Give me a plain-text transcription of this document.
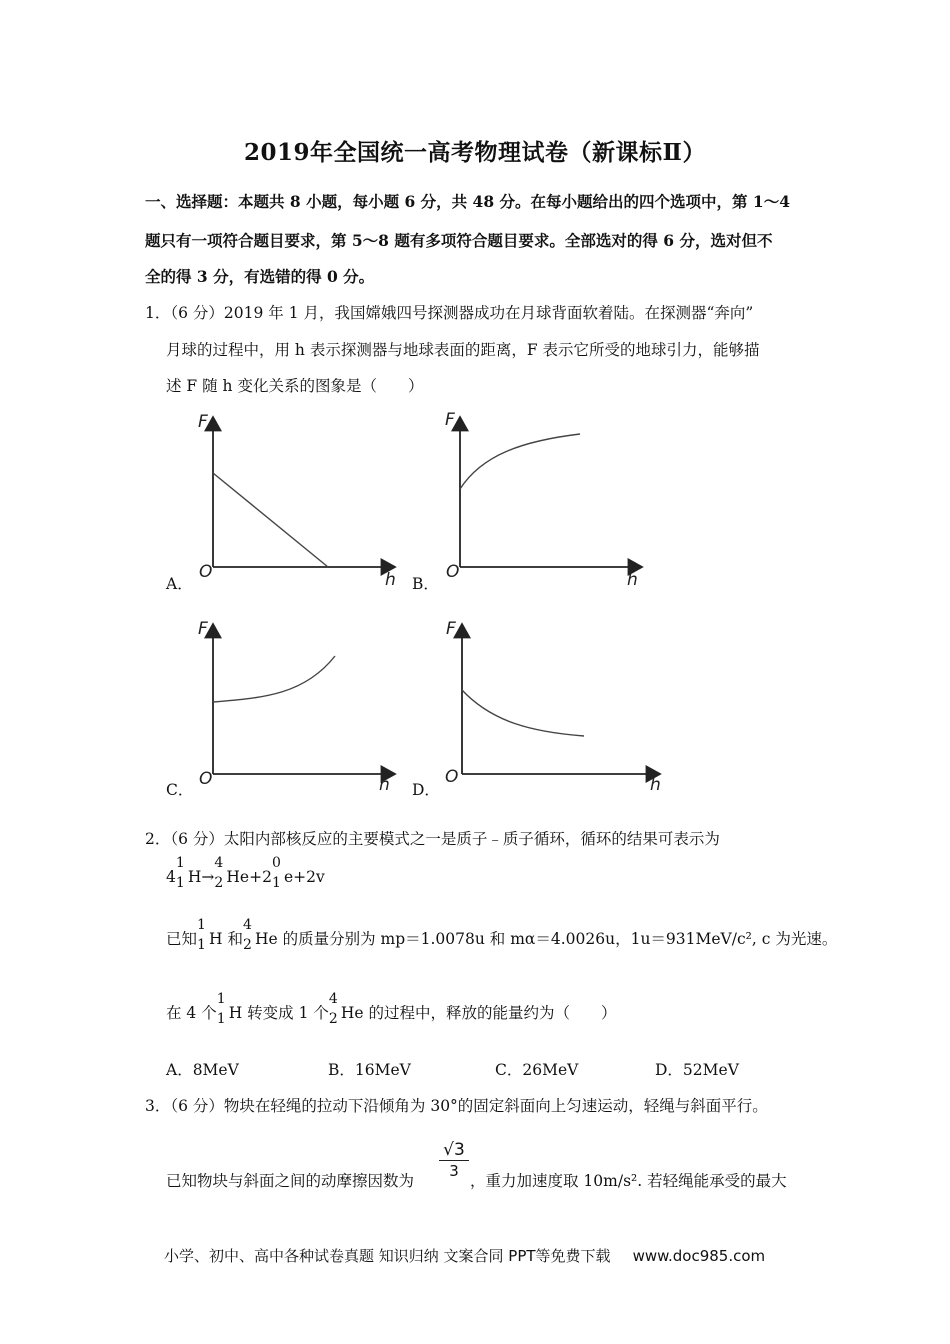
2019年全国统一高考物理试卷（新课标Ⅱ）
一、选择题：本题共 8 小题，每小题 6 分，共 48 分。在每小题给出的四个选项中，第 1～4
题只有一项符合题目要求，第 5～8 题有多项符合题目要求。全部选对的得 6 分，选对但不
全的得 3 分，有选错的得 0 分。
1．（6 分）2019 年 1 月，我国嫦娥四号探测器成功在月球背面软着陆。在探测器“奔向”
月球的过程中，用 h 表示探测器与地球表面的距离，F 表示它所受的地球引力，能够描
述 F 随 h 变化关系的图象是（　　）
F
O	h
A．
F
O	h
B．
F
O	h
C．
F
O	h
D．
2．（6 分）太阳内部核反应的主要模式之一是质子﹣质子循环，循环的结果可表示为
4
1
1 H→
4
2 He+2
0
1 e+2v
已知
1
1 H 和
4
2 He 的质量分别为 mp＝1.0078u 和 mα＝4.0026u，1u＝931MeV/c², c 为光速。
在 4 个
1
1 H 转变成 1 个
4
2 He 的过程中，释放的能量约为（　　）
A．8MeV	B．16MeV	C．26MeV	D．52MeV
3．（6 分）物块在轻绳的拉动下沿倾角为 30°的固定斜面向上匀速运动，轻绳与斜面平行。
已知物块与斜面之间的动摩擦因数为 $\frac{√3}{3}$ ，重力加速度取 10m/s². 若轻绳能承受的最大
小学、初中、高中各种试卷真题 知识归纳 文案合同 PPT等免费下载 www.doc985.com
